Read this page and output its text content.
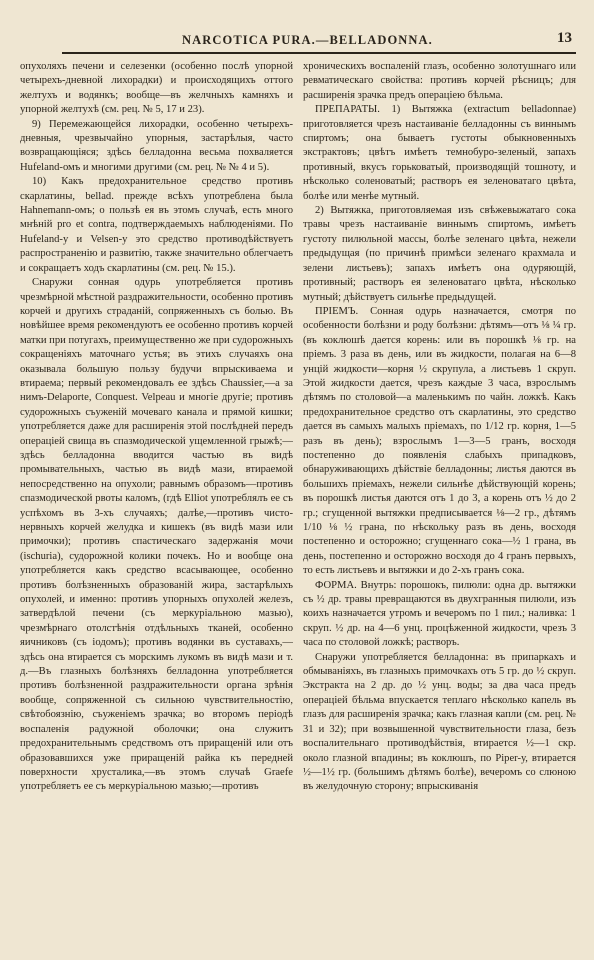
NARCOTICA PURA.—BELLADONNA.	13

опухоляхъ печени и селезенки (особенно послѣ упорной четырехъ-дневной лихорадки) и происходящихъ оттого желтухъ и водянкъ; вообще—въ желчныхъ камняхъ и упорной желтухѣ (см. рец. № 5, 17 и 23).

9) Перемежающейся лихорадки, особенно четырехъ-дневныя, чрезвычайно упорныя, застарѣлыя, часто возвращающіяся; здѣсь белладонна весьма похваляется Hufeland-омъ и многими другими (см. рец. № № 4 и 5).

10) Какъ предохранительное средство противъ скарлатины, bellad. прежде всѣхъ употреблена была Hahnemann-омъ; о пользѣ ея въ этомъ случаѣ, есть много мнѣній pro et contra, подтверждаемыхъ наблюденіями. По Hufeland-у и Velsen-у это средство противодѣйствуетъ распространенію и развитію, также значительно облегчаетъ и сокращаетъ ходъ скарлатины (см. рец. № 15.).

Снаружи сонная одурь употребляется противъ чрезмѣрной мѣстной раздражительности, особенно противъ корчей и другихъ страданій, сопряженныхъ съ болью. Въ новѣйшее время рекомендуютъ ее особенно противъ корчей матки при потугахъ, преимущественно же при судорожныхъ сокращеніяхъ маточнаго устья; въ этихъ случаяхъ она оказывала большую пользу будучи впрыскиваема и втираема; первый рекомендовалъ ее здѣсь Chaussier,—а за нимъ-Delaporte, Conquest. Velpeau и многіе другіе; противъ судорожныхъ съуженій мочеваго канала и прямой кишки; употребляется даже для расширенія этой послѣдней передъ операціей свища въ спазмодической ущемленной грыжѣ;—здѣсь белладонна вводится частью въ видѣ промывательныхъ, частью въ видѣ мази, втираемой непосредственно на опухоли; равнымъ образомъ—противъ спазмодической рвоты каломъ, (гдѣ Elliot употреблялъ ее съ успѣхомъ въ 3-хъ случаяхъ; далѣе,—противъ чисто-нервныхъ корчей желудка и кишекъ (въ видѣ мази или примочки); противъ спастическаго задержанія мочи (ischuria), судорожной колики почекъ. Но и вообще она употребляется какъ средство всасывающее, особенно противъ болѣзненныхъ образованій жира, застарѣлыхъ опухолей, и именно: противъ упорныхъ опухолей железъ, затвердѣлой печени (съ меркуріальною мазью), чрезмѣрнаго отолстѣнія отдѣльныхъ тканей, особенно яичниковъ (съ іодомъ); противъ водянки въ суставахъ,—здѣсь она втирается съ морскимъ лукомъ въ видѣ мази и т. д.—Въ глазныхъ болѣзняхъ белладонна употребляется противъ болѣзненной раздражительности органа зрѣнія вообще, сопряженной съ сильною чувствительностію, свѣтобоязнію, съуженіемъ зрачка; во второмъ періодѣ воспаленія радужной оболочки; она служитъ предохранительнымъ средствомъ отъ приращеній или отъ образовавшихся уже приращеній райка къ передней поверхности хрусталика,—въ этомъ случаѣ Graefe употребляетъ ее съ меркуріальною мазью;—противъ

хроническихъ воспаленій глазъ, особенно золотушнаго или ревматическаго свойства: противъ корчей рѣсницъ; для расширенія зрачка предъ операціею бѣльма.

ПРЕПАРАТЫ. 1) Вытяжка (extractum belladonnae) приготовляется чрезъ настаиваніе белладонны съ виннымъ спиртомъ; она бываетъ густоты обыкновенныхъ экстрактовъ; цвѣтъ имѣетъ темнобуро-зеленый, запахъ противный, вкусъ горьковатый, производящій тошноту, и нѣсколько соленоватый; растворъ ея зеленоватаго цвѣта, болѣе или менѣе мутный.

2) Вытяжка, приготовляемая изъ свѣжевыжатаго сока травы чрезъ настаиваніе виннымъ спиртомъ, имѣетъ густоту пилюльной массы, болѣе зеленаго цвѣта, нежели предыдущая (по причинѣ примѣси зеленаго крахмала и зелени листьевъ); запахъ имѣетъ она одуряющій, противный; растворъ ея зеленоватаго цвѣта, нѣсколько мутный; дѣйствуетъ сильнѣе предыдущей.

ПРІЕМЪ. Сонная одурь назначается, смотря по особенности болѣзни и роду болѣзни: дѣтямъ—отъ ⅛ ¼ гр. (въ коклюшѣ дается корень: или въ порошкѣ ⅛ гр. на пріемъ. 3 раза въ день, или въ жидкости, полагая на 6—8 унцій жидкости—корня ½ скрупула, а листьевъ 1 скруп. Этой жидкости дается, чрезъ каждые 3 часа, взрослымъ дѣтямъ по столовой—а маленькимъ по чайн. ложкѣ. Какъ предохранительное средство отъ скарлатины, это средство дается въ самыхъ малыхъ пріемахъ, по 1/12 гр. корня, 1—5 разъ въ день); взрослымъ 1—3—5 гранъ, восходя постепенно до появленія слабыхъ припадковъ, обнаруживающихъ дѣйствіе белладонны; листья даются въ большихъ пріемахъ, нежели сильнѣе дѣйствующій корень; въ порошкѣ листья даются отъ 1 до 3, а корень отъ ½ до 2 гр.; сгущенной вытяжки предписывается ⅛—2 гр., дѣтямъ 1/10 ⅛ ½ грана, по нѣскольку разъ въ день, восходя постепенно и осторожно; сгущеннаго сока—½ 1 грана, въ день, постепенно и осторожно восходя до 4 гранъ первыхъ, то есть листьевъ и вытяжки и до 2-хъ гранъ сока.

ФОРМА. Внутрь: порошокъ, пилюли: одна др. вытяжки съ ½ др. травы превращаются въ двухгранныя пилюли, изъ коихъ назначается утромъ и вечеромъ по 1 пил.; наливка: 1 скруп. ½ др. на 4—6 унц. процѣженной жидкости, чрезъ 3 часа по столовой ложкѣ; растворъ.

Снаружи употребляется белладонна: въ припаркахъ и обмываніяхъ, въ глазныхъ примочкахъ отъ 5 гр. до ½ скруп. Экстракта на 2 др. до ½ унц. воды; за два часа предъ операціей бѣльма впускается теплаго нѣсколько капель въ глазъ для расширенія зрачка; какъ глазная капли (см. рец. № 31 и 32); при возвышенной чувствительности глаза, безъ воспалительнаго противодѣйствія, втирается ½—1 скр. около глазной впадины; въ коклюшъ, по Piper-у, втирается ½—1½ гр. (большимъ дѣтямъ болѣе), вечеромъ со слюною въ желудочную сторону; впрыскиванія
